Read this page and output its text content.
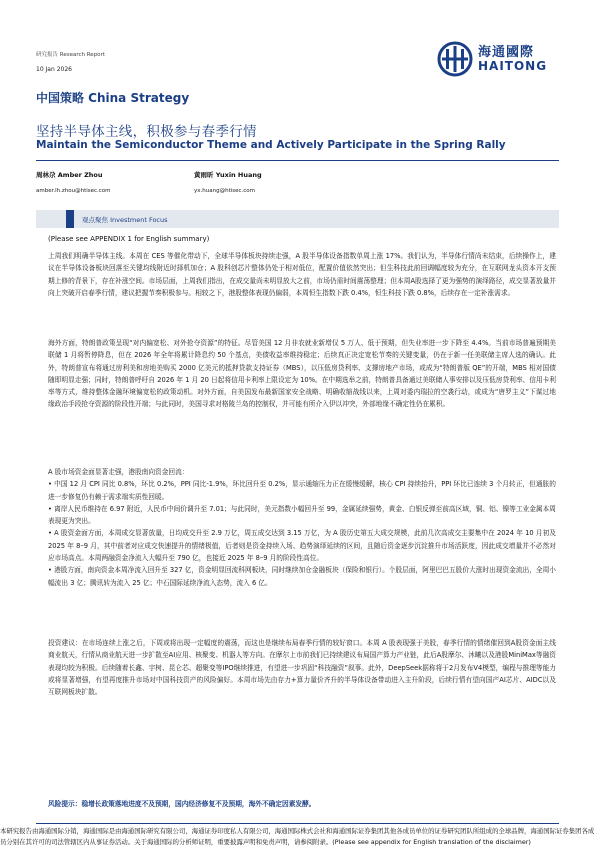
研究报告 Research Report
10 Jan 2026
海通國際
HAITONG
中国策略 China Strategy
坚持半导体主线，积极参与春季行情
Maintain the Semiconductor Theme and Actively Participate in the Spring Rally
周林尕 Amber Zhou
amber.lh.zhou@htisec.com
黄雨昕 Yuxin Huang
yx.huang@htisec.com
观点聚焦 Investment Focus
(Please see APPENDIX 1 for English summary)

上周我们明确半导体主线。本周在 CES 等催化带动下，全球半导体板块持续走强，A 股半导体设备指数单周上涨 17%。我们认为，半导体行情尚未结束，后续操作上，建议在半导体设备板块回落至关键均线附近时择机加仓；A 股科创芯片整体仍处于相对低位，配置价值依然突出；但生科技此前回调幅度较为充分，在互联网龙头资本开支预期上修的背景下，存在补涨空间。市场层面，上周我们指出，在成交量尚未明显放大之前，市场仍需时间震荡整理；但本周A股选择了更为强势的演绎路径，成交显著放量并向上突破开启春季行情，建议把握节奏积极参与。相较之下，港股整体表现仍偏弱，本周恒生指数下跌 0.4%，恒生科技下跌 0.8%，后续存在一定补涨需求。

海外方面，特朗普政策呈现“对内偏宽松、对外抢夺资源”的特征。尽管美国 12 月非农就业新增仅 5 万人、低于预期，但失业率进一步下降至 4.4%。当前市场普遍预期美联储 1 月将暂停降息，但在 2026 年全年将累计降息约 50 个基点，美债收益率维持稳定；后续真正决定宽松节奏的关键变量，仍在于新一任美联储主席人选的确认。此外，特朗普宣布将通过房利美和房地美购买 2000 亿美元的抵押贷款支持证券（MBS），以压低房贷利率、支撑房地产市场，或成为“特朗普版 QE”的开端，MBS 相对国债随即明显走强；同时，特朗普呼吁自 2026 年 1 月 20 日起将信用卡利率上限设定为 10%。在中期选举之前，特朗普具备通过美联储人事安排以及压低房贷利率、信用卡利率等方式，维持整体金融环境偏宽松的政策动机。对外方面，自美国发布最新国家安全战略、明确收缩战线以来，上周对委内瑞拉的空袭行动，或成为“唐罗主义”下谋过地缘政治手段抢夺资源的阶段性开端；与此同时，美国寻求对格陵兰岛的控制权，并可能有所介入伊以冲突，外部地缘不确定性仍在累积。

A 股市场资金面显著走强，港股南向资金回流：
• 中国 12 月 CPI 同比 0.8%，环比 0.2%，PPI 同比-1.9%，环比回升至 0.2%，显示通缩压力正在缓慢缓解，核心 CPI 持续抬升，PPI 环比已连续 3 个月转正，但通胀的进一步修复仍有赖于需求端实质性回暖。
• 离岸人民币维持在 6.97 附近，人民币中间价调升至 7.01；与此同时，美元指数小幅回升至 99，金属延续强势，黄金、白银反弹至前高区域，铜、铝、镍等工业金属本周表现更为突出。
• A 股资金面方面，本周成交显著放量，日均成交升至 2.9 万亿，周五成交达到 3.15 万亿，为 A 股历史第五大成交规模，此前几次高成交主要集中在 2024 年 10 月初及 2025 年 8–9 月，其中前者对应成交快速提升的情绪极值，后者则是资金持续入场、趋势演绎延续的区间，且随后资金逐步沉淀推升市场活跃度，因此成交增量并不必然对应市场高点。本周两融资金净流入大幅升至 790 亿，也接近 2025 年 8–9 月的阶段性高位。
• 港股方面，南向资金本周净流入回升至 327 亿，资金明显回流科网板块，同时继续加仓金融板块（保险和银行）。个股层面，阿里巴巴五股价大涨时出现资金流出，全周小幅流出 3 亿；腾讯转为流入 25 亿；中石国际延续净流入态势，流入 6 亿。

投资建议：在市场连续上涨之后，下周或将出现一定幅度的震荡，而这也是继续布局春季行情的较好窗口。本周 A 股表现强于美股，春季行情的情绪催回到A股资金面主线商业航天，行情从商业航天进一步扩散至AI应用、核聚变、机器人等方向。在摩尔上市前我们已持续建议布局国产算力产业链，此后A股摩尔、沐曦以及港股MiniMax等融资表现均较为积极。后续随着长鑫、宇树、昆仑芯、超聚变等IPO继续推进，有望进一步巩固“科技融资”叙事。此外，DeepSeek据称将于2月发布V4模型，编程与推理等能力或将显著增强，有望再度推升市场对中国科技资产的风险偏好。本周市场先由存力+算力量价齐升的半导体设备带动进入主升阶段，后续行情有望向国产AI芯片、AIDC以及互联网板块扩散。

风险提示：稳增长政策落地进度不及预期，国内经济修复不及预期，海外不确定因素发酵。

本研究报告由海通国际分销，海通国际是由海通国际研究有限公司，海通证券印度私人有限公司，海通国际株式会社和海通国际证券集团其他各成员单位的证券研究团队所组成的全球品牌，海通国际证券集团各成员分别在其许可的司法管辖区内从事证券活动。关于海通国际的分析师证明，重要披露声明和免责声明，请参阅附录。(Please see appendix for English translation of the disclaimer)
